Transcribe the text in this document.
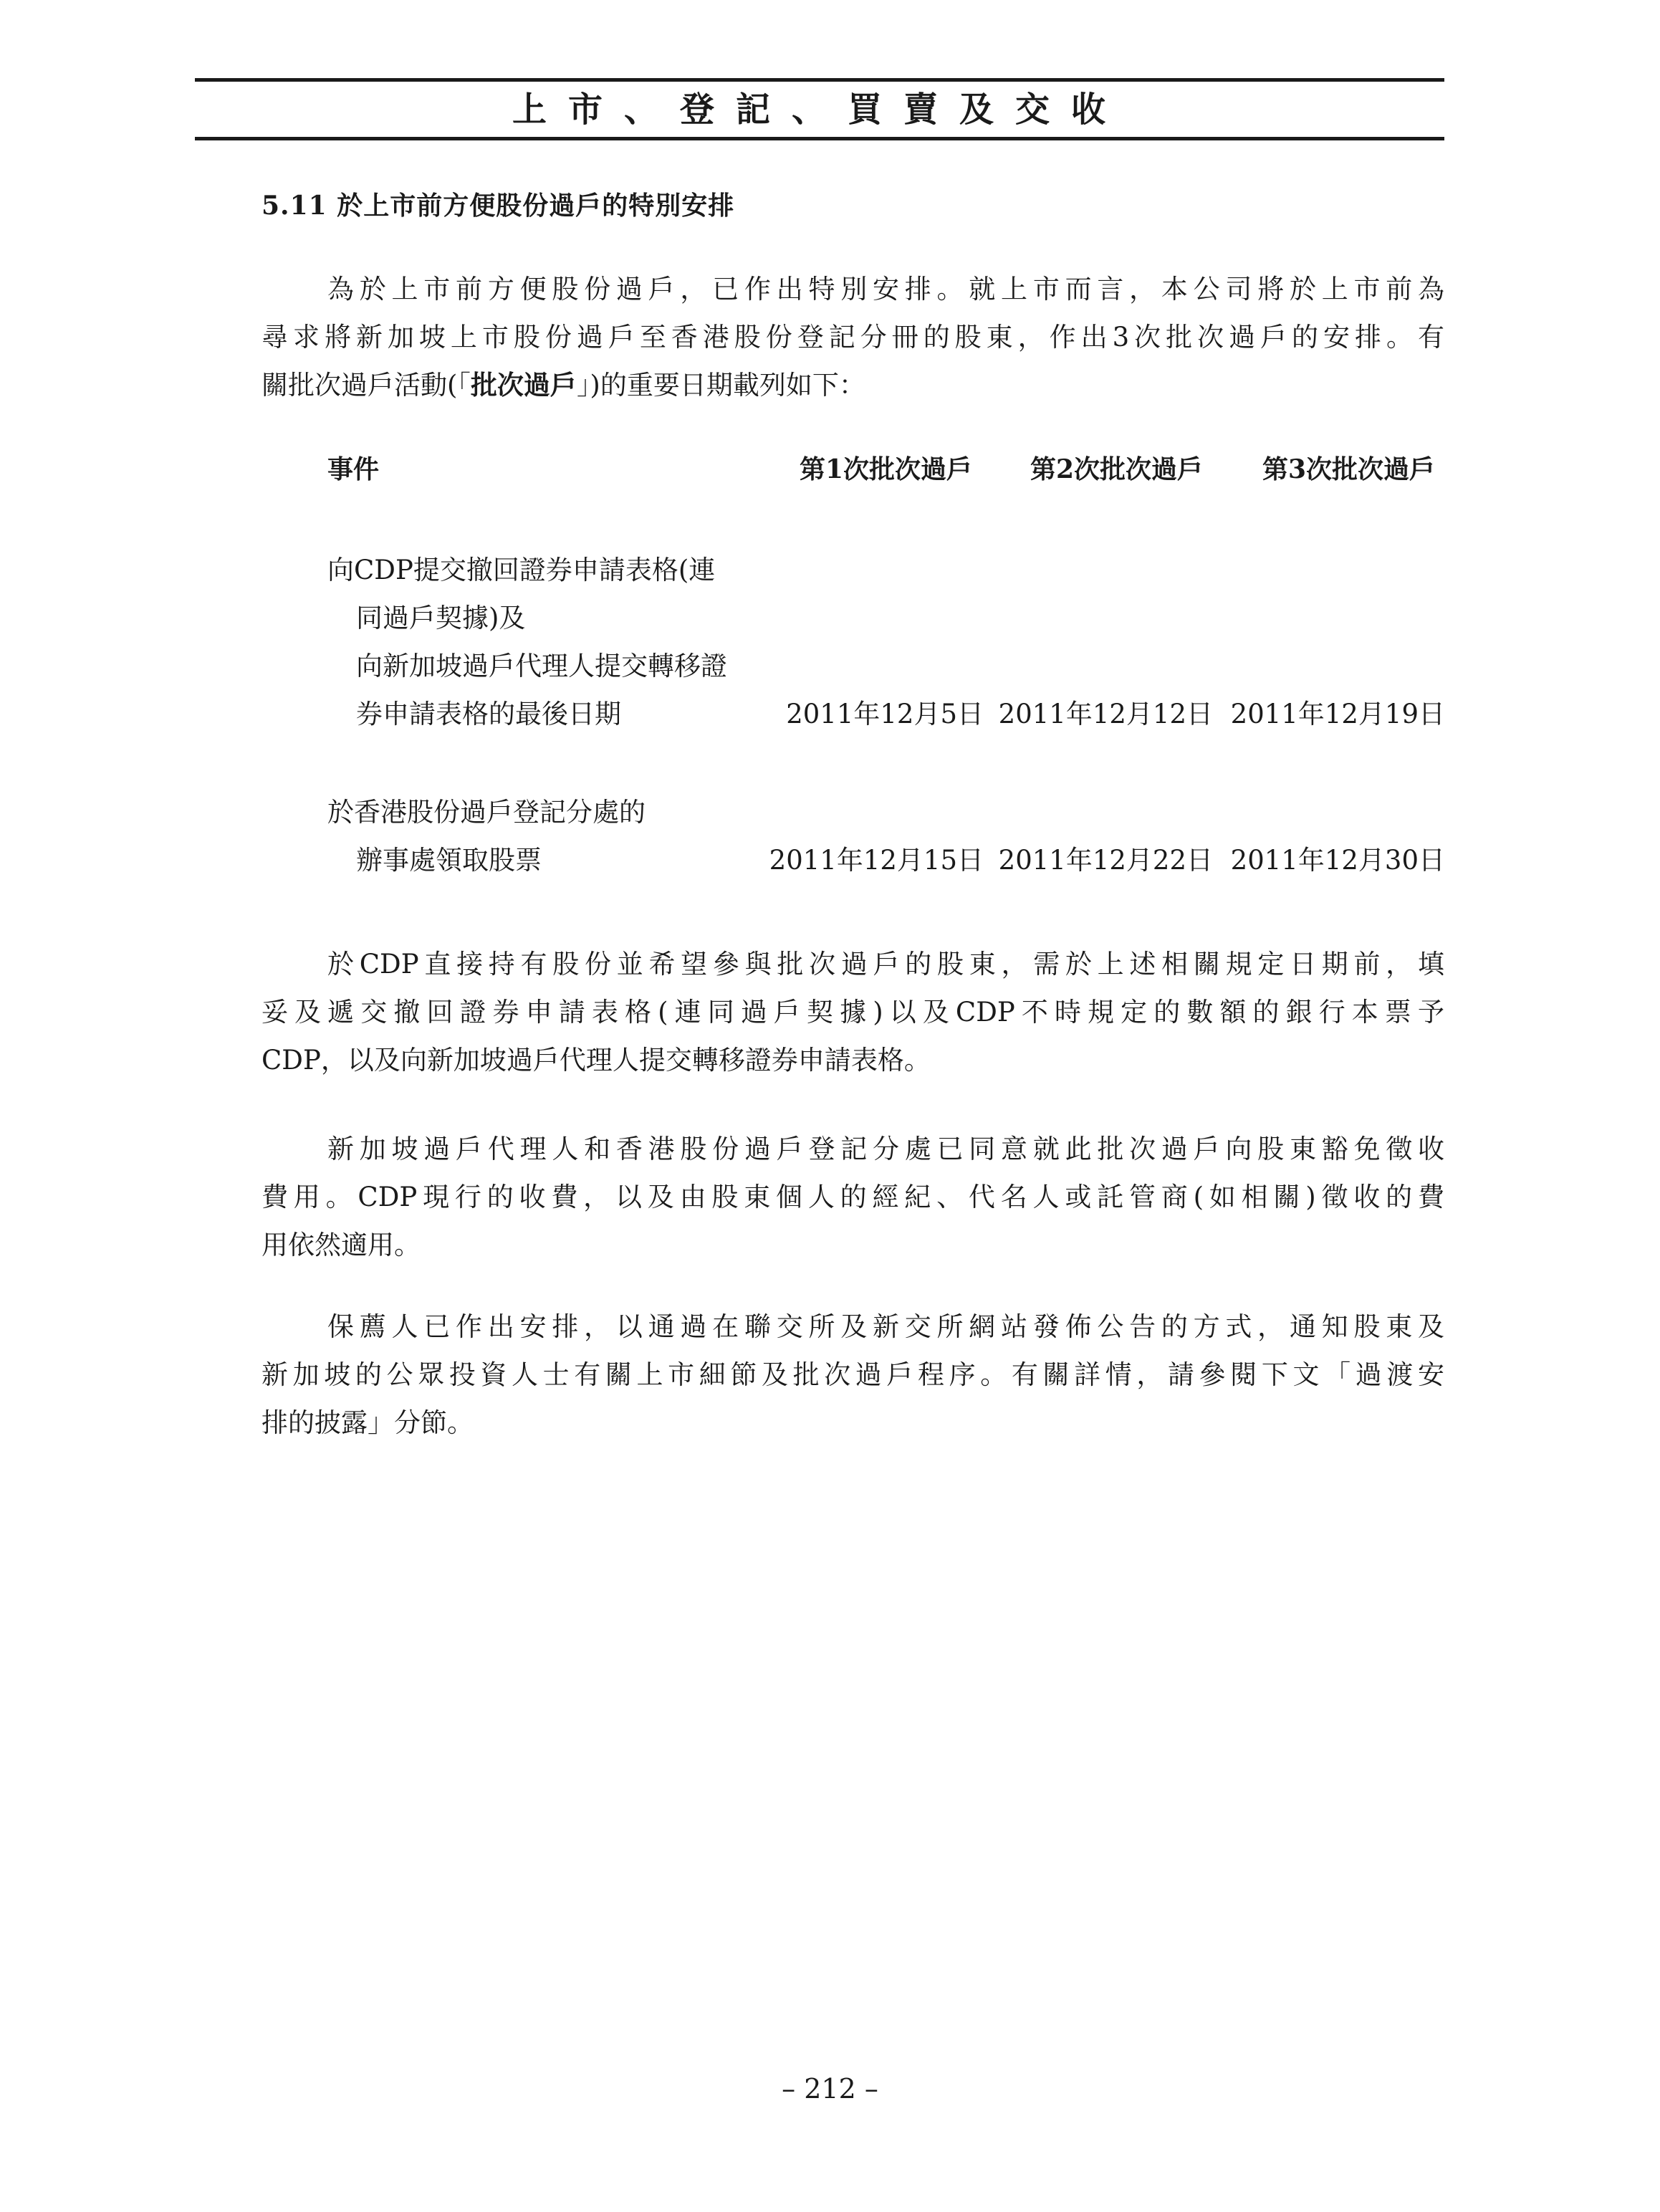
上市、登記、買賣及交收
5.11 於上市前方便股份過戶的特別安排
為於上市前方便股份過戶，已作出特別安排。就上市而言，本公司將於上市前為
尋求將新加坡上市股份過戶至香港股份登記分冊的股東，作出3次批次過戶的安排。有
關批次過戶活動(「批次過戶」)的重要日期載列如下：
事件	第1次批次過戶 第2次批次過戶 第3次批次過戶
向CDP提交撤回證券申請表格(連
同過戶契據)及
向新加坡過戶代理人提交轉移證
券申請表格的最後日期	2011年12月5日 2011年12月12日 2011年12月19日
於香港股份過戶登記分處的
辦事處領取股票	2011年12月15日 2011年12月22日 2011年12月30日
於CDP直接持有股份並希望參與批次過戶的股東，需於上述相關規定日期前，填
妥及遞交撤回證券申請表格(連同過戶契據)以及CDP不時規定的數額的銀行本票予
CDP，以及向新加坡過戶代理人提交轉移證券申請表格。
新加坡過戶代理人和香港股份過戶登記分處已同意就此批次過戶向股東豁免徵收
費用。CDP現行的收費，以及由股東個人的經紀、代名人或託管商(如相關)徵收的費
用依然適用。
保薦人已作出安排，以通過在聯交所及新交所網站發佈公告的方式，通知股東及
新加坡的公眾投資人士有關上市細節及批次過戶程序。有關詳情，請參閱下文「過渡安
排的披露」分節。
– 212 –
